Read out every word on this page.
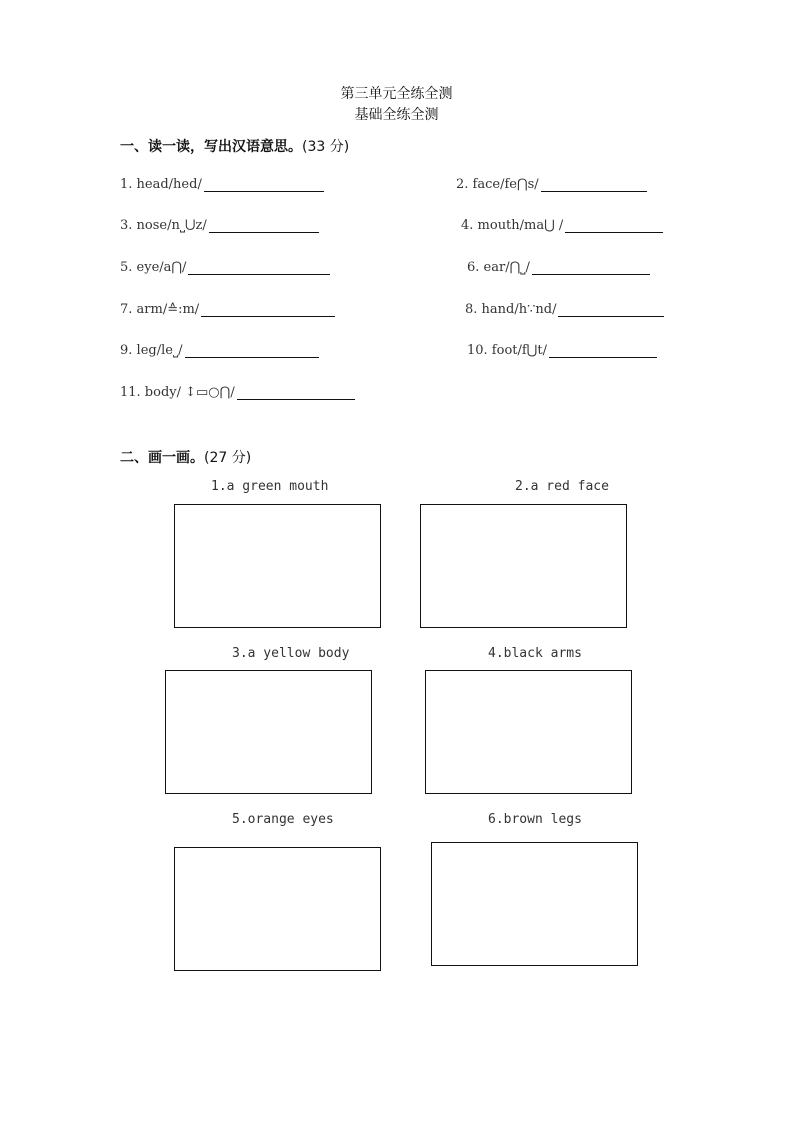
第三单元全练全测
基础全练全测
一、读一读，写出汉语意思。(33 分)
1. head/hed/	2. face/fe⋂s/
3. nose/n⎵⋃z/	4. mouth/ma⋃ /
5. eye/a⋂/	6. ear/⋂⎵/
7. arm/≙:m/	8. hand/h∵nd/
9. leg/le⎵/	10. foot/f⋃t/
11. body/ ↕▭○⋂/
二、画一画。(27 分)
1.a green mouth	2.a red face
3.a yellow body	4.black arms
5.orange eyes	6.brown legs
